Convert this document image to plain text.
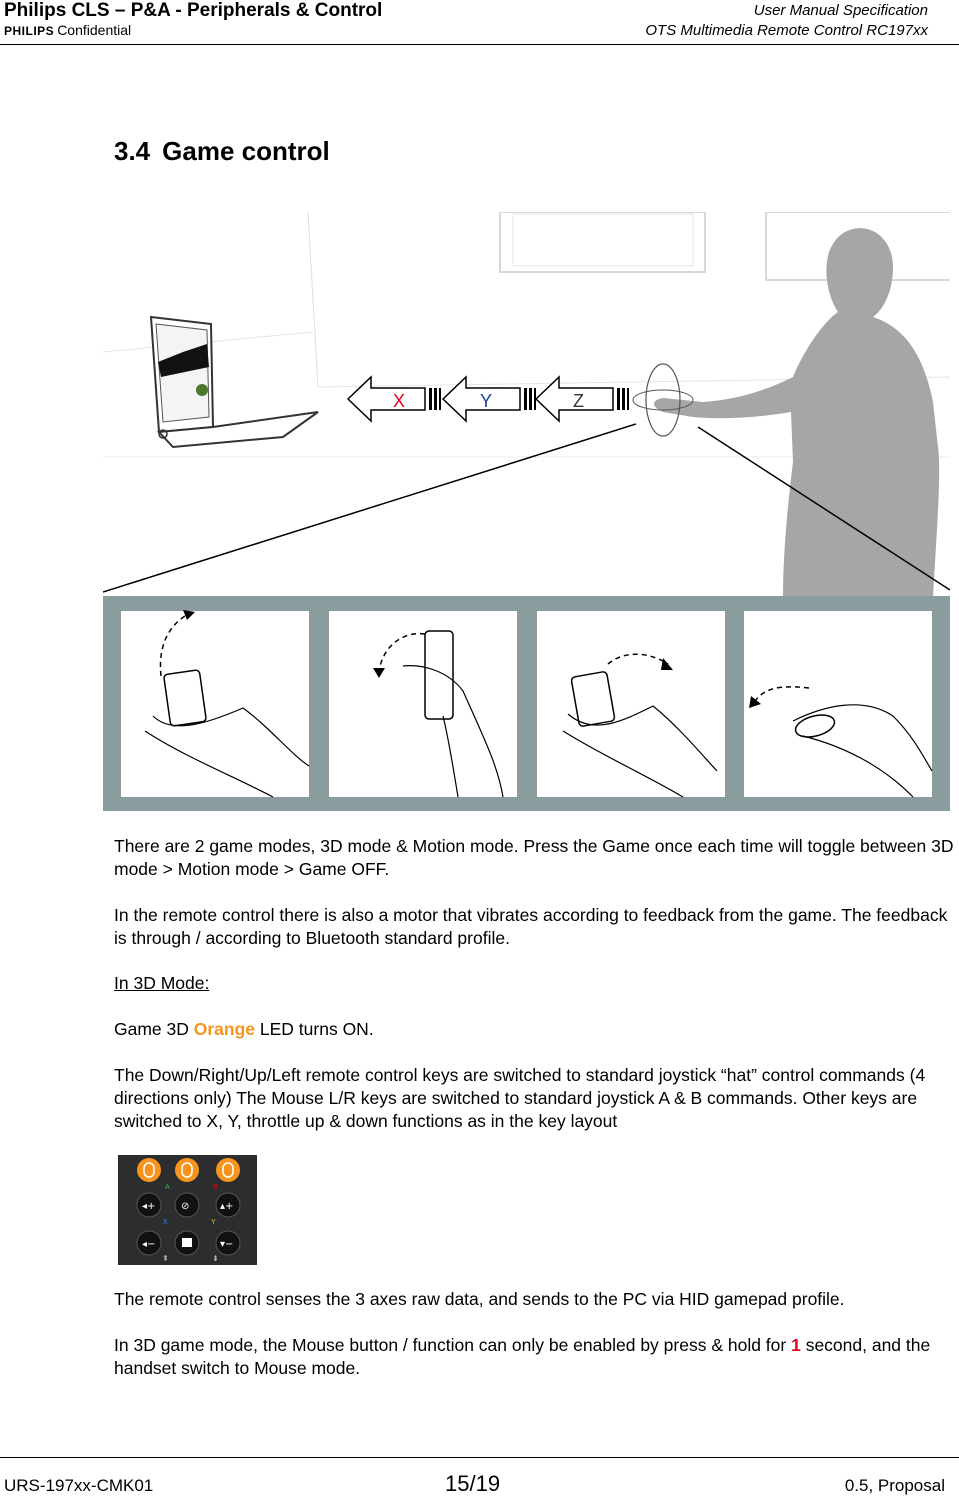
Philips CLS – P&A - Peripherals & Control
PHILIPS Confidential
User Manual Specification
OTS Multimedia Remote Control RC197xx
3.4 Game control
X	Y	Z
There are 2 game modes, 3D mode & Motion mode. Press the Game once each time will toggle between 3D mode > Motion mode > Game OFF.
In the remote control there is also a motor that vibrates according to feedback from the game. The feedback is through / according to Bluetooth standard profile.
In 3D Mode:
Game 3D Orange LED turns ON.
The Down/Right/Up/Left remote control keys are switched to standard joystick “hat” control commands (4 directions only) The Mouse L/R keys are switched to standard joystick A & B commands. Other keys are switched to X, Y, throttle up & down functions as in the key layout
A	B
◂+	⊘	▴+
X	Y
◂−	▾−
⇞	⇟
The remote control senses the 3 axes raw data, and sends to the PC via HID gamepad profile.
In 3D game mode, the Mouse button / function can only be enabled by press & hold for 1 second, and the handset switch to Mouse mode.
URS-197xx-CMK01	15/19	0.5, Proposal
